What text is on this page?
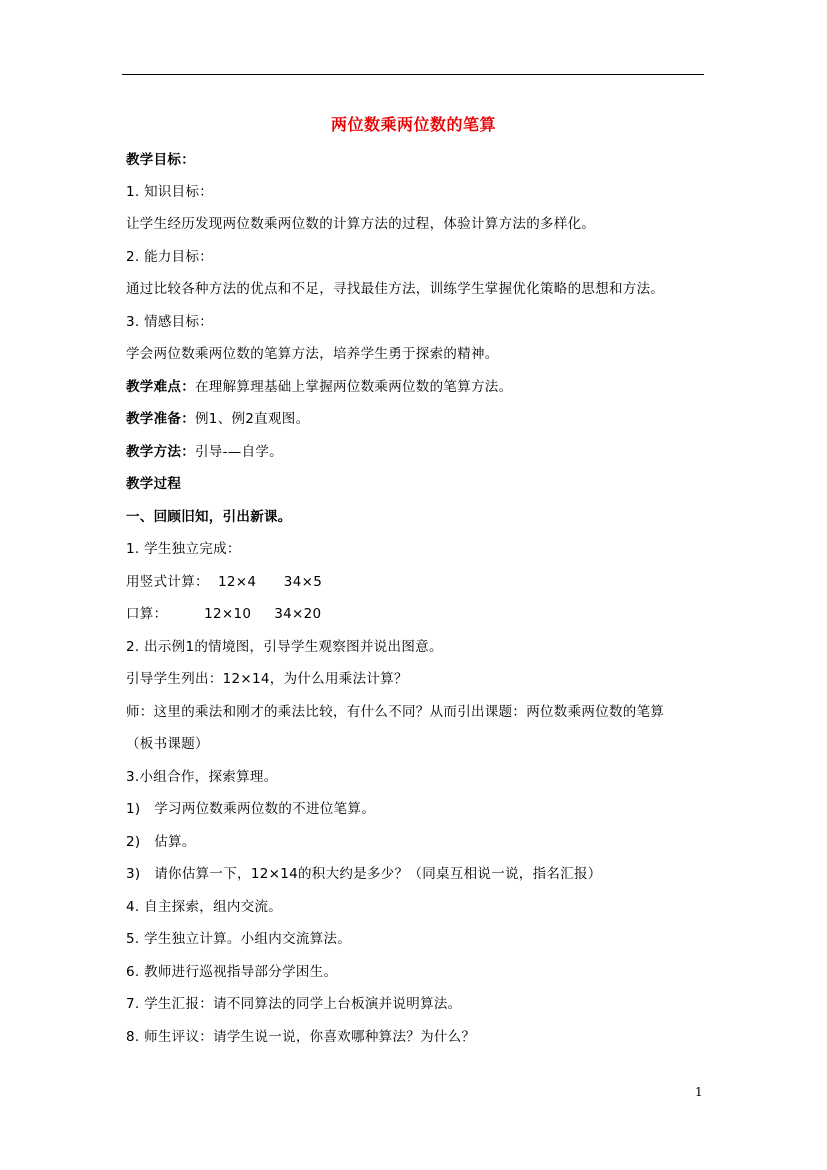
两位数乘两位数的笔算
教学目标：
1. 知识目标：
让学生经历发现两位数乘两位数的计算方法的过程，体验计算方法的多样化。
2. 能力目标：
通过比较各种方法的优点和不足，寻找最佳方法，训练学生掌握优化策略的思想和方法。
3. 情感目标：
学会两位数乘两位数的笔算方法，培养学生勇于探索的精神。
教学难点：在理解算理基础上掌握两位数乘两位数的笔算方法。
教学准备：例1、例2直观图。
教学方法：引导-—自学。
教学过程
一、回顾旧知，引出新课。
1. 学生独立完成：
用竖式计算：  12×4      34×5
口算：        12×10     34×20
2. 出示例1的情境图，引导学生观察图并说出图意。
引导学生列出：12×14，为什么用乘法计算？
师：这里的乘法和刚才的乘法比较，有什么不同？从而引出课题：两位数乘两位数的笔算
（板书课题）
3.小组合作，探索算理。
1)   学习两位数乘两位数的不进位笔算。
2)   估算。
3)   请你估算一下，12×14的积大约是多少？（同桌互相说一说，指名汇报）
4. 自主探索，组内交流。
5. 学生独立计算。小组内交流算法。
6. 教师进行巡视指导部分学困生。
7. 学生汇报：请不同算法的同学上台板演并说明算法。
8. 师生评议：请学生说一说，你喜欢哪种算法？为什么？
1
